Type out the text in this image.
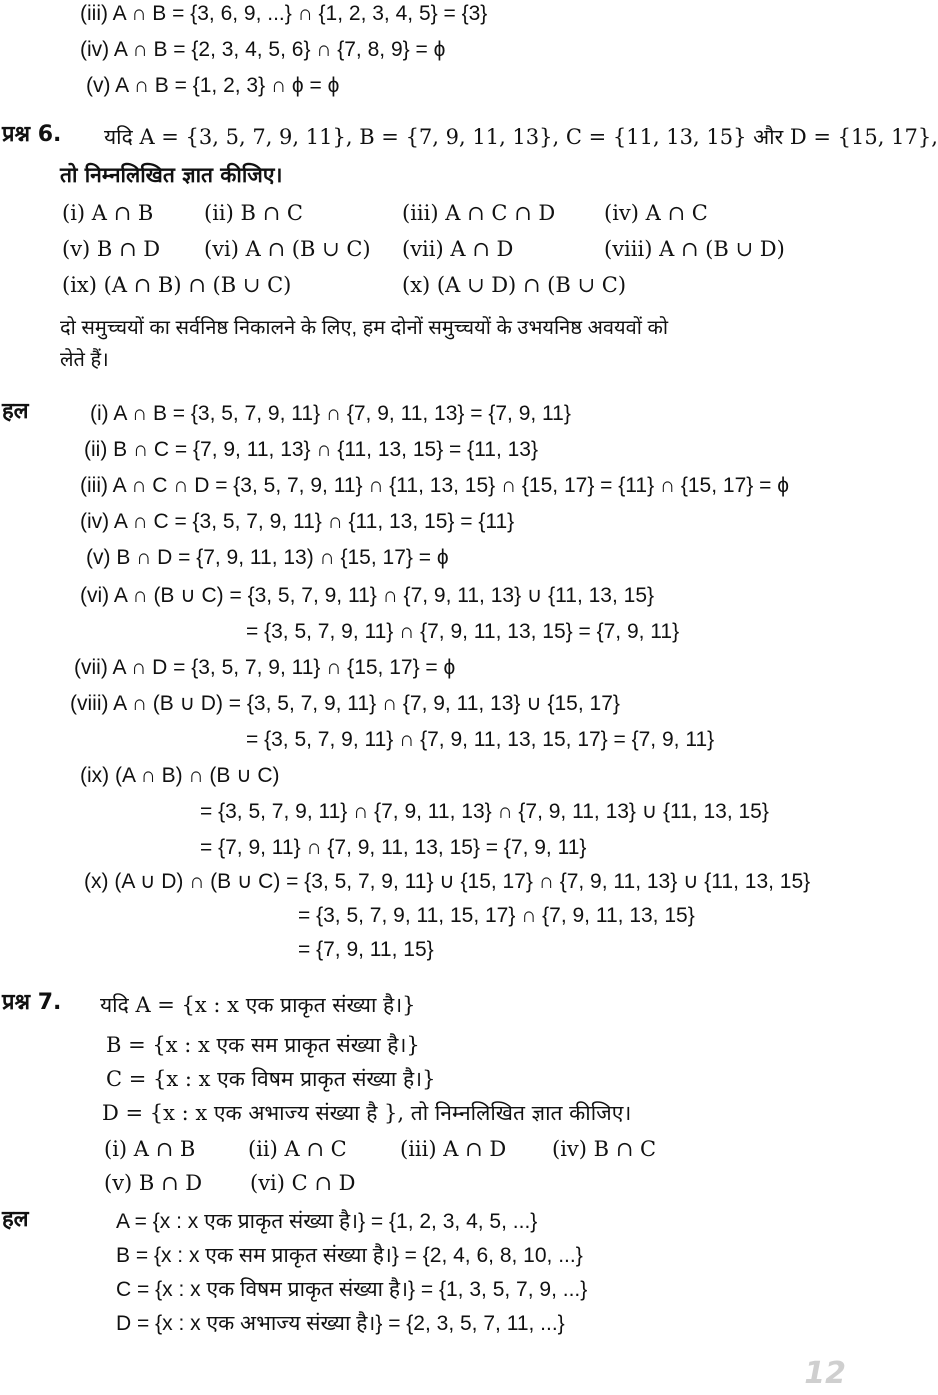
(iii) A ∩ B = {3, 6, 9, ...} ∩ {1, 2, 3, 4, 5} = {3}
(iv) A ∩ B = {2, 3, 4, 5, 6} ∩ {7, 8, 9} = ϕ
(v) A ∩ B = {1, 2, 3} ∩ ϕ = ϕ
प्रश्न 6. यदि A = {3, 5, 7, 9, 11}, B = {7, 9, 11, 13}, C = {11, 13, 15} और D = {15, 17},
तो निम्नलिखित ज्ञात कीजिए।
(i) A ∩ B (ii) B ∩ C	(iii) A ∩ C ∩ D (iv) A ∩ C
(v) B ∩ D (vi) A ∩ (B ∪ C) (vii) A ∩ D	(viii) A ∩ (B ∪ D)
(ix) (A ∩ B) ∩ (B ∪ C)	(x) (A ∪ D) ∩ (B ∪ C)
दो समुच्चयों का सर्वनिष्ठ निकालने के लिए, हम दोनों समुच्चयों के उभयनिष्ठ अवयवों को
लेते हैं।
हल	(i) A ∩ B = {3, 5, 7, 9, 11} ∩ {7, 9, 11, 13} = {7, 9, 11}
(ii) B ∩ C = {7, 9, 11, 13} ∩ {11, 13, 15} = {11, 13}
(iii) A ∩ C ∩ D = {3, 5, 7, 9, 11} ∩ {11, 13, 15} ∩ {15, 17} = {11} ∩ {15, 17} = ϕ
(iv) A ∩ C = {3, 5, 7, 9, 11} ∩ {11, 13, 15} = {11}
(v) B ∩ D = {7, 9, 11, 13) ∩ {15, 17} = ϕ
(vi) A ∩ (B ∪ C) = {3, 5, 7, 9, 11} ∩ {7, 9, 11, 13} ∪ {11, 13, 15}
= {3, 5, 7, 9, 11} ∩ {7, 9, 11, 13, 15} = {7, 9, 11}
(vii) A ∩ D = {3, 5, 7, 9, 11} ∩ {15, 17} = ϕ
(viii) A ∩ (B ∪ D) = {3, 5, 7, 9, 11} ∩ {7, 9, 11, 13} ∪ {15, 17}
= {3, 5, 7, 9, 11} ∩ {7, 9, 11, 13, 15, 17} = {7, 9, 11}
(ix) (A ∩ B) ∩ (B ∪ C)
= {3, 5, 7, 9, 11} ∩ {7, 9, 11, 13} ∩ {7, 9, 11, 13} ∪ {11, 13, 15}
= {7, 9, 11} ∩ {7, 9, 11, 13, 15} = {7, 9, 11}
(x) (A ∪ D) ∩ (B ∪ C) = {3, 5, 7, 9, 11} ∪ {15, 17} ∩ {7, 9, 11, 13} ∪ {11, 13, 15}
= {3, 5, 7, 9, 11, 15, 17} ∩ {7, 9, 11, 13, 15}
= {7, 9, 11, 15}
प्रश्न 7. यदि A = {x : x एक प्राकृत संख्या है।}
B = {x : x एक सम प्राकृत संख्या है।}
C = {x : x एक विषम प्राकृत संख्या है।}
D = {x : x एक अभाज्य संख्या है }, तो निम्नलिखित ज्ञात कीजिए।
(i) A ∩ B	(ii) A ∩ C	(iii) A ∩ D (iv) B ∩ C
(v) B ∩ D (vi) C ∩ D
हल	A = {x : x एक प्राकृत संख्या है।} = {1, 2, 3, 4, 5, ...}
B = {x : x एक सम प्राकृत संख्या है।} = {2, 4, 6, 8, 10, ...}
C = {x : x एक विषम प्राकृत संख्या है।} = {1, 3, 5, 7, 9, ...}
D = {x : x एक अभाज्य संख्या है।} = {2, 3, 5, 7, 11, ...}
12
